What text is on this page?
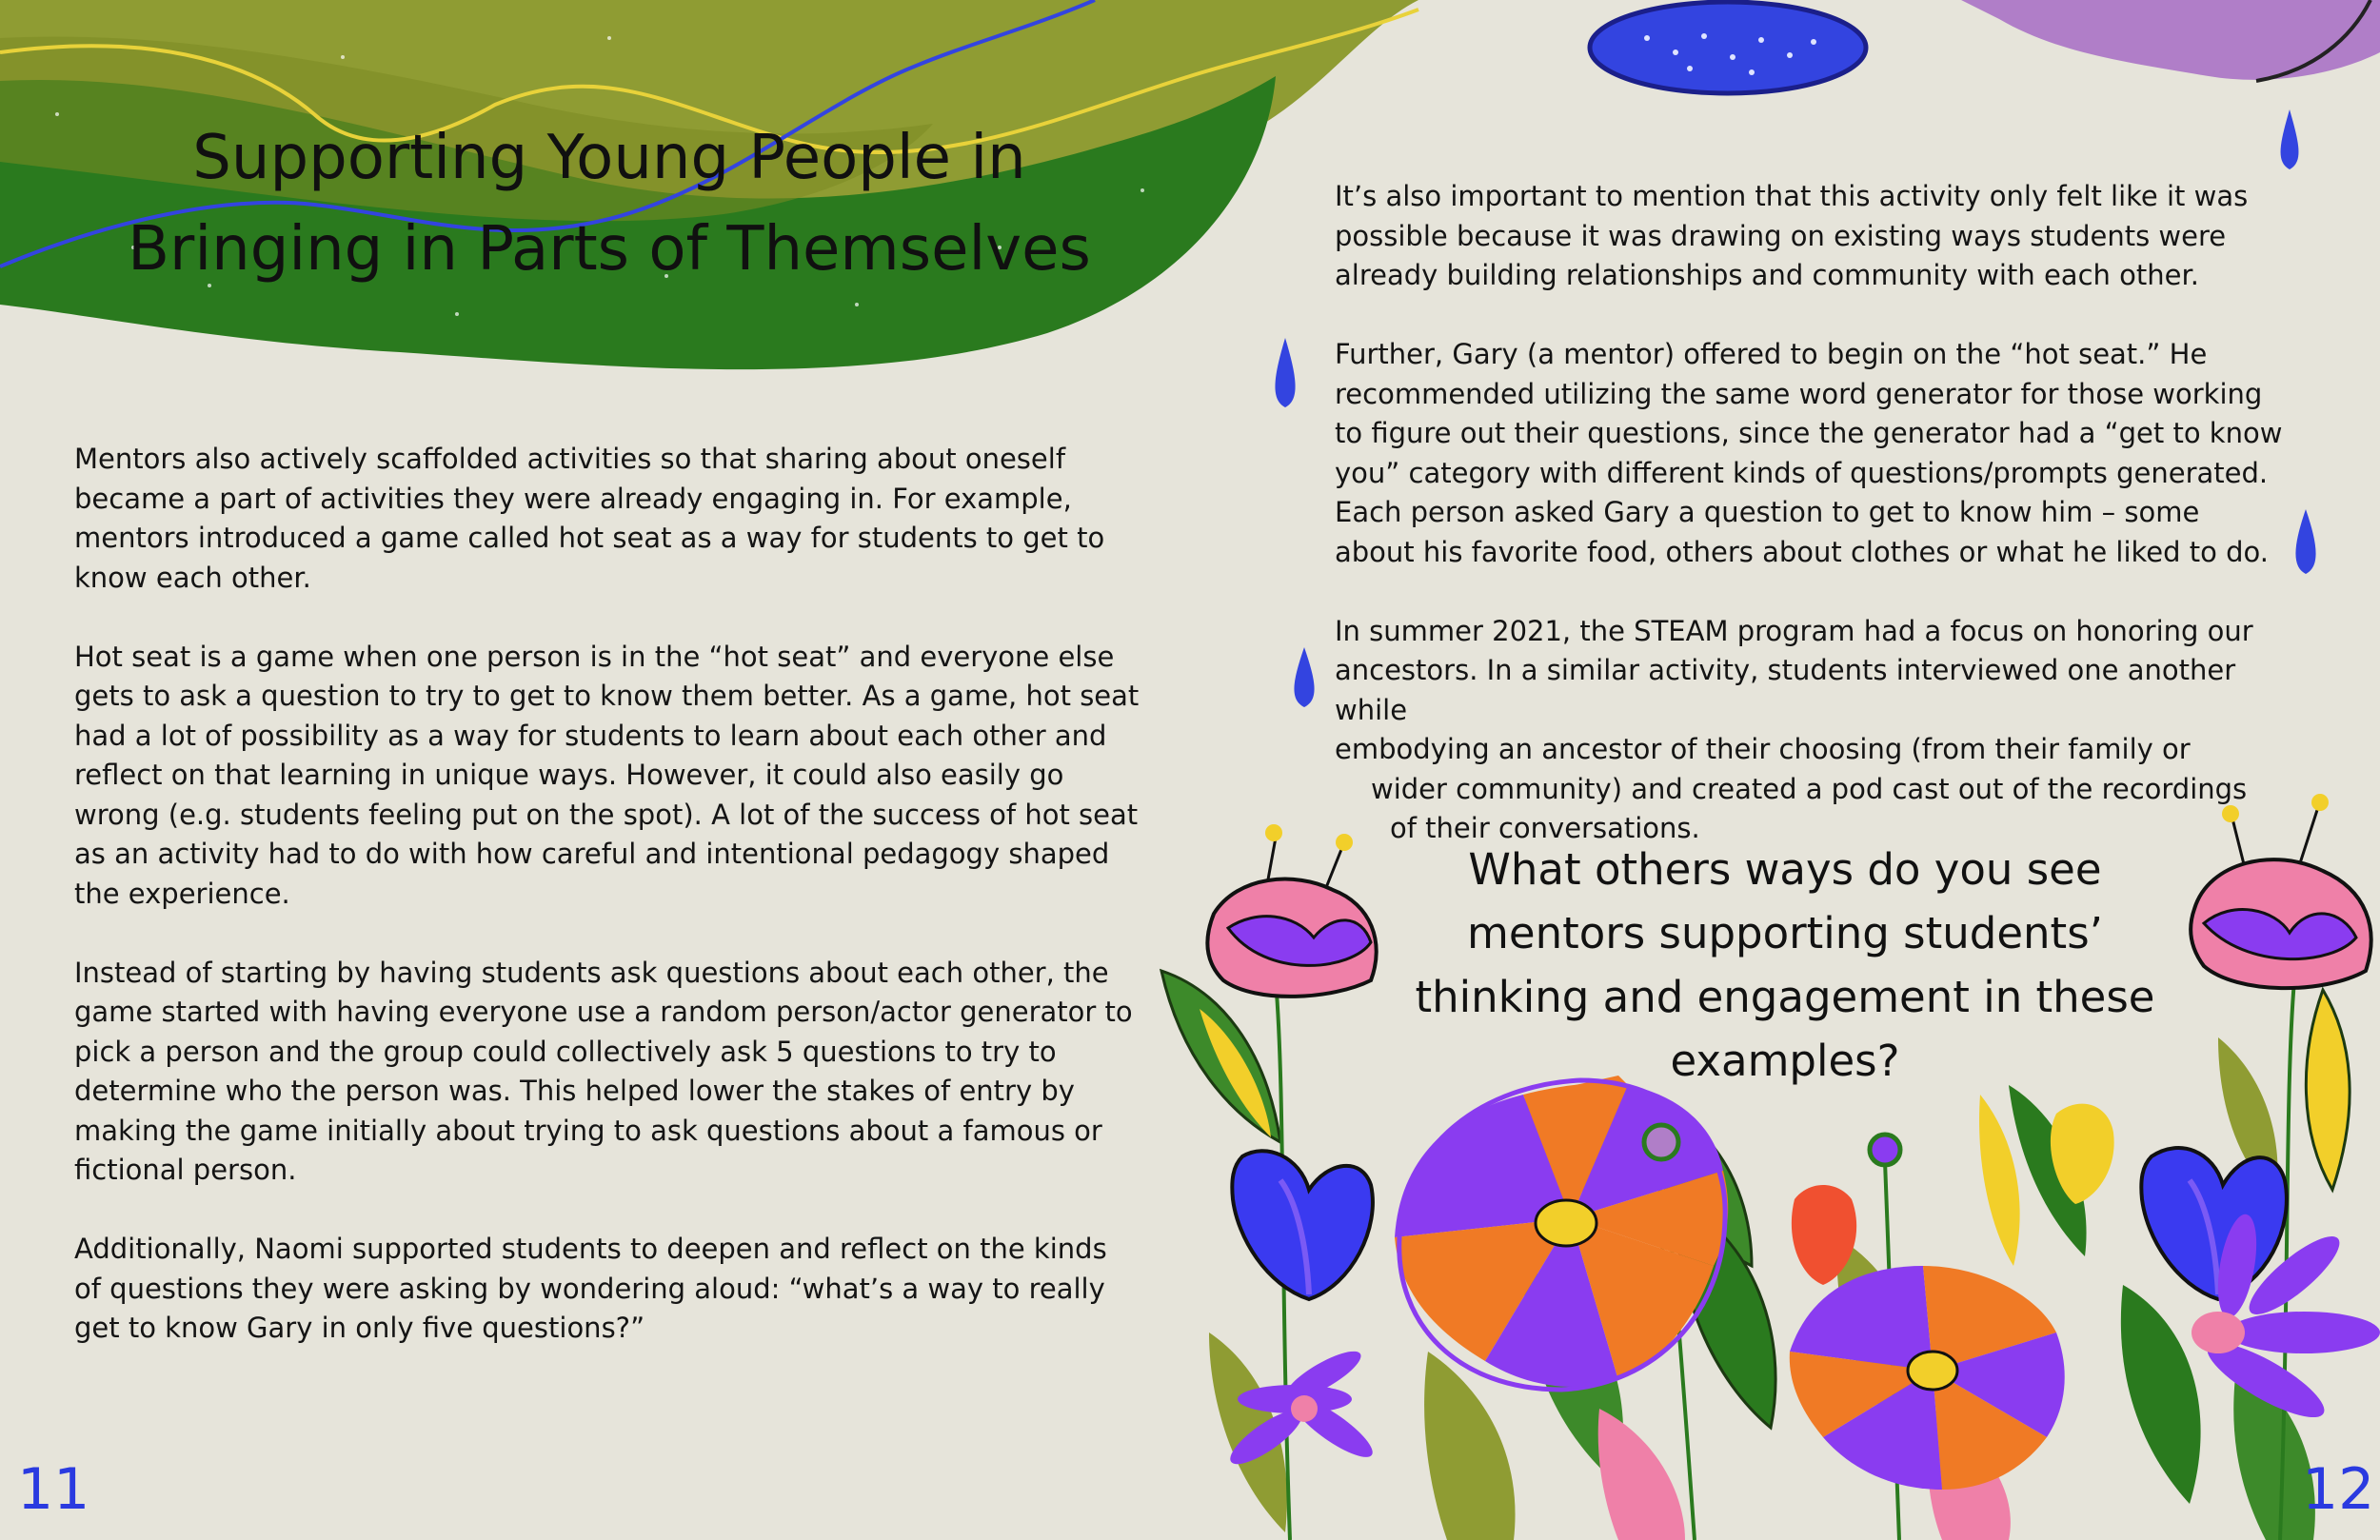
Supporting Young People in
Bringing in Parts of Themselves

Mentors also actively scaffolded activities so that sharing about oneself became a part of activities they were already engaging in. For example, mentors introduced a game called hot seat as a way for students to get to know each other.

Hot seat is a game when one person is in the “hot seat” and everyone else gets to ask a question to try to get to know them better. As a game, hot seat had a lot of possibility as a way for students to learn about each other and reflect on that learning in unique ways. However, it could also easily go wrong (e.g. students feeling put on the spot). A lot of the success of hot seat as an activity had to do with how careful and intentional pedagogy shaped the experience.

Instead of starting by having students ask questions about each other, the game started with having everyone use a random person/actor generator to pick a person and the group could collectively ask 5 questions to try to determine who the person was. This helped lower the stakes of entry by making the game initially about trying to ask questions about a famous or fictional person.

Additionally, Naomi supported students to deepen and reflect on the kinds of questions they were asking by wondering aloud: “what’s a way to really get to know Gary in only five questions?”

11

It’s also important to mention that this activity only felt like it was possible because it was drawing on existing ways students were already building relationships and community with each other.

Further, Gary (a mentor) offered to begin on the “hot seat.” He recommended utilizing the same word generator for those working to figure out their questions, since the generator had a “get to know you” category with different kinds of questions/prompts generated. Each person asked Gary a question to get to know him – some about his favorite food, others about clothes or what he liked to do.

In summer 2021, the STEAM program had a focus on honoring our
ancestors. In a similar activity, students interviewed one another while
embodying an ancestor of their choosing (from their family or
wider community) and created a pod cast out of the recordings
of their conversations.

What others ways do you see mentors supporting students’ thinking and engagement in these examples?
12
